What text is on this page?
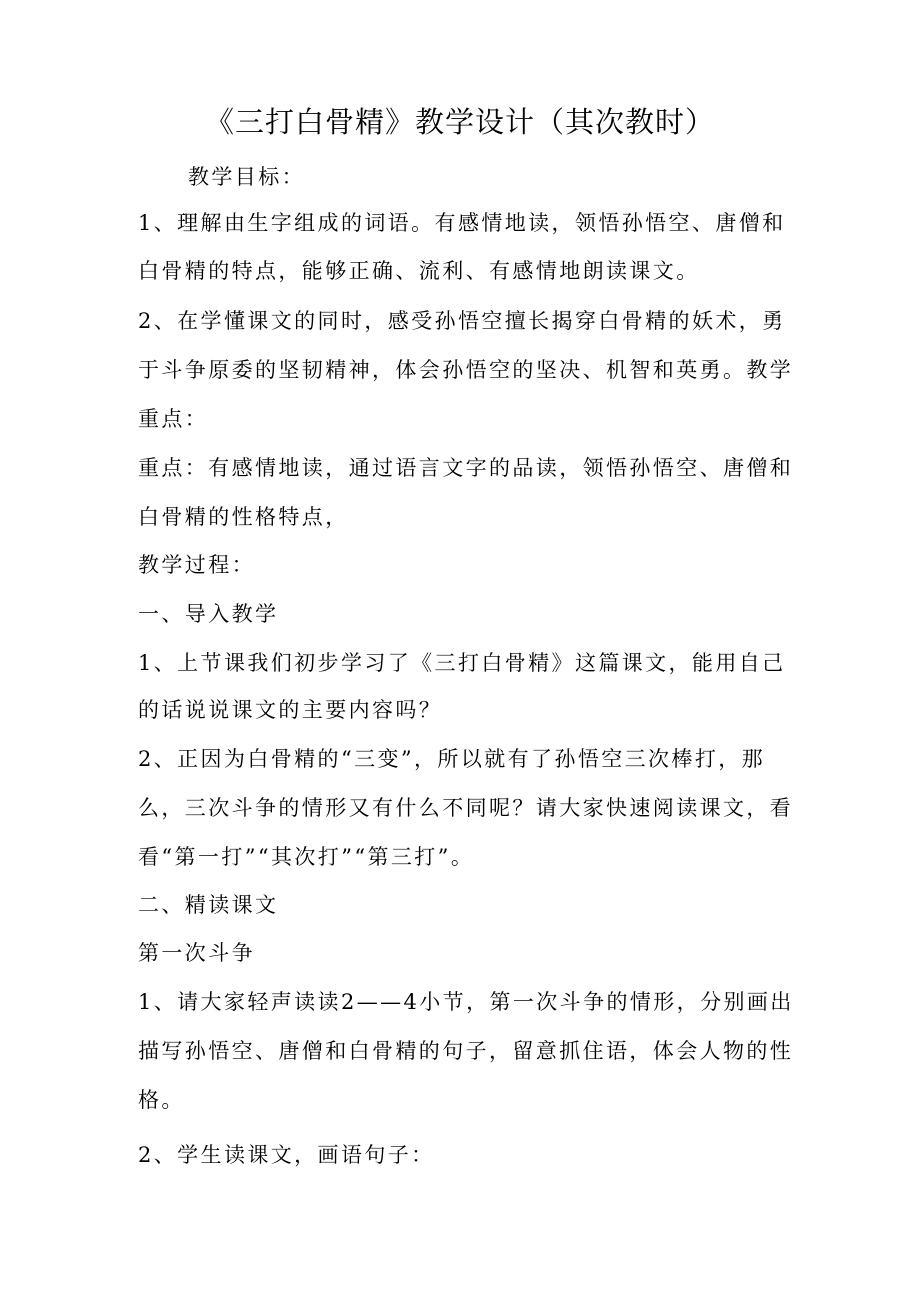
《三打白骨精》教学设计（其次教时）
教学目标：
1、理解由生字组成的词语。有感情地读，领悟孙悟空、唐僧和
白骨精的特点，能够正确、流利、有感情地朗读课文。
2、在学懂课文的同时，感受孙悟空擅长揭穿白骨精的妖术，勇
于斗争原委的坚韧精神，体会孙悟空的坚决、机智和英勇。教学
重点：
重点：有感情地读，通过语言文字的品读，领悟孙悟空、唐僧和
白骨精的性格特点，
教学过程：
一、导入教学
1、上节课我们初步学习了《三打白骨精》这篇课文，能用自己
的话说说课文的主要内容吗？
2、正因为白骨精的“三变”，所以就有了孙悟空三次棒打，那
么，三次斗争的情形又有什么不同呢？请大家快速阅读课文，看
看“第一打”“其次打”“第三打”。
二、精读课文
第一次斗争
1、请大家轻声读读2——4小节，第一次斗争的情形，分别画出
描写孙悟空、唐僧和白骨精的句子，留意抓住语，体会人物的性
格。
2、学生读课文，画语句子：
